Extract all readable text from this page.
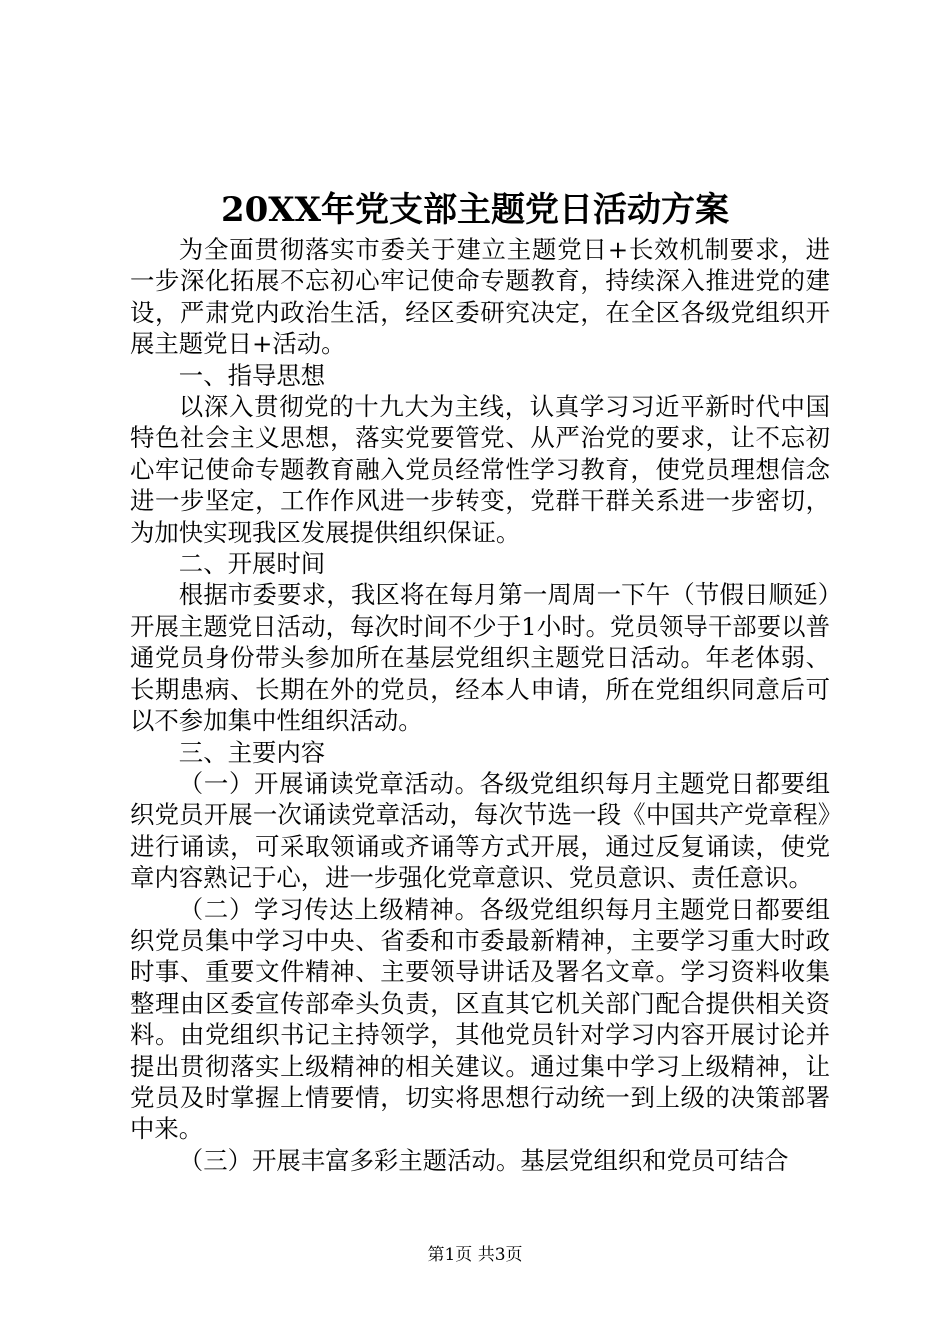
20XX年党支部主题党日活动方案

为全面贯彻落实市委关于建立主题党日+长效机制要求，进一步深化拓展不忘初心牢记使命专题教育，持续深入推进党的建设，严肃党内政治生活，经区委研究决定，在全区各级党组织开展主题党日+活动。

一、指导思想

以深入贯彻党的十九大为主线，认真学习习近平新时代中国特色社会主义思想，落实党要管党、从严治党的要求，让不忘初心牢记使命专题教育融入党员经常性学习教育，使党员理想信念进一步坚定，工作作风进一步转变，党群干群关系进一步密切，为加快实现我区发展提供组织保证。

二、开展时间

根据市委要求，我区将在每月第一周周一下午（节假日顺延）开展主题党日活动，每次时间不少于1小时。党员领导干部要以普通党员身份带头参加所在基层党组织主题党日活动。年老体弱、长期患病、长期在外的党员，经本人申请，所在党组织同意后可以不参加集中性组织活动。

三、主要内容

（一）开展诵读党章活动。各级党组织每月主题党日都要组织党员开展一次诵读党章活动，每次节选一段《中国共产党章程》进行诵读，可采取领诵或齐诵等方式开展，通过反复诵读，使党章内容熟记于心，进一步强化党章意识、党员意识、责任意识。

（二）学习传达上级精神。各级党组织每月主题党日都要组织党员集中学习中央、省委和市委最新精神，主要学习重大时政时事、重要文件精神、主要领导讲话及署名文章。学习资料收集整理由区委宣传部牵头负责，区直其它机关部门配合提供相关资料。由党组织书记主持领学，其他党员针对学习内容开展讨论并提出贯彻落实上级精神的相关建议。通过集中学习上级精神，让党员及时掌握上情要情，切实将思想行动统一到上级的决策部署中来。

（三）开展丰富多彩主题活动。基层党组织和党员可结合

第1页 共3页
